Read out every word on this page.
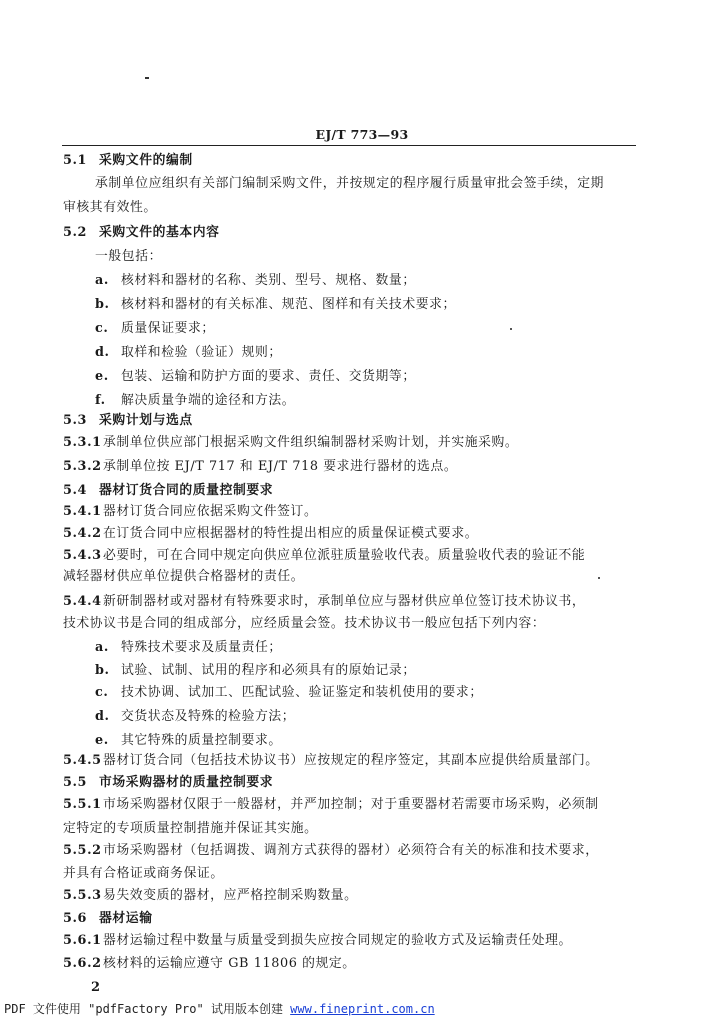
EJ/T 773—93
5.1 采购文件的编制
承制单位应组织有关部门编制采购文件，并按规定的程序履行质量审批会签手续，定期
审核其有效性。
5.2 采购文件的基本内容
一般包括：
a. 核材料和器材的名称、类别、型号、规格、数量；
b. 核材料和器材的有关标准、规范、图样和有关技术要求；
c. 质量保证要求；
d. 取样和检验（验证）规则；
e. 包装、运输和防护方面的要求、责任、交货期等；
f. 解决质量争端的途径和方法。
5.3 采购计划与选点
5.3.1承制单位供应部门根据采购文件组织编制器材采购计划，并实施采购。
5.3.2承制单位按 EJ/T 717 和 EJ/T 718 要求进行器材的选点。
5.4 器材订货合同的质量控制要求
5.4.1器材订货合同应依据采购文件签订。
5.4.2在订货合同中应根据器材的特性提出相应的质量保证模式要求。
5.4.3必要时，可在合同中规定向供应单位派驻质量验收代表。质量验收代表的验证不能
减轻器材供应单位提供合格器材的责任。
5.4.4新研制器材或对器材有特殊要求时，承制单位应与器材供应单位签订技术协议书，
技术协议书是合同的组成部分，应经质量会签。技术协议书一般应包括下列内容：
a. 特殊技术要求及质量责任；
b. 试验、试制、试用的程序和必须具有的原始记录；
c. 技术协调、试加工、匹配试验、验证鉴定和装机使用的要求；
d. 交货状态及特殊的检验方法；
e. 其它特殊的质量控制要求。
5.4.5器材订货合同（包括技术协议书）应按规定的程序签定，其副本应提供给质量部门。
5.5 市场采购器材的质量控制要求
5.5.1市场采购器材仅限于一般器材，并严加控制；对于重要器材若需要市场采购，必须制
定特定的专项质量控制措施并保证其实施。
5.5.2市场采购器材（包括调拨、调剂方式获得的器材）必须符合有关的标准和技术要求，
并具有合格证或商务保证。
5.5.3易失效变质的器材，应严格控制采购数量。
5.6 器材运输
5.6.1器材运输过程中数量与质量受到损失应按合同规定的验收方式及运输责任处理。
5.6.2核材料的运输应遵守 GB 11806 的规定。
2
PDF 文件使用 "pdfFactory Pro" 试用版本创建 www.fineprint.com.cn
